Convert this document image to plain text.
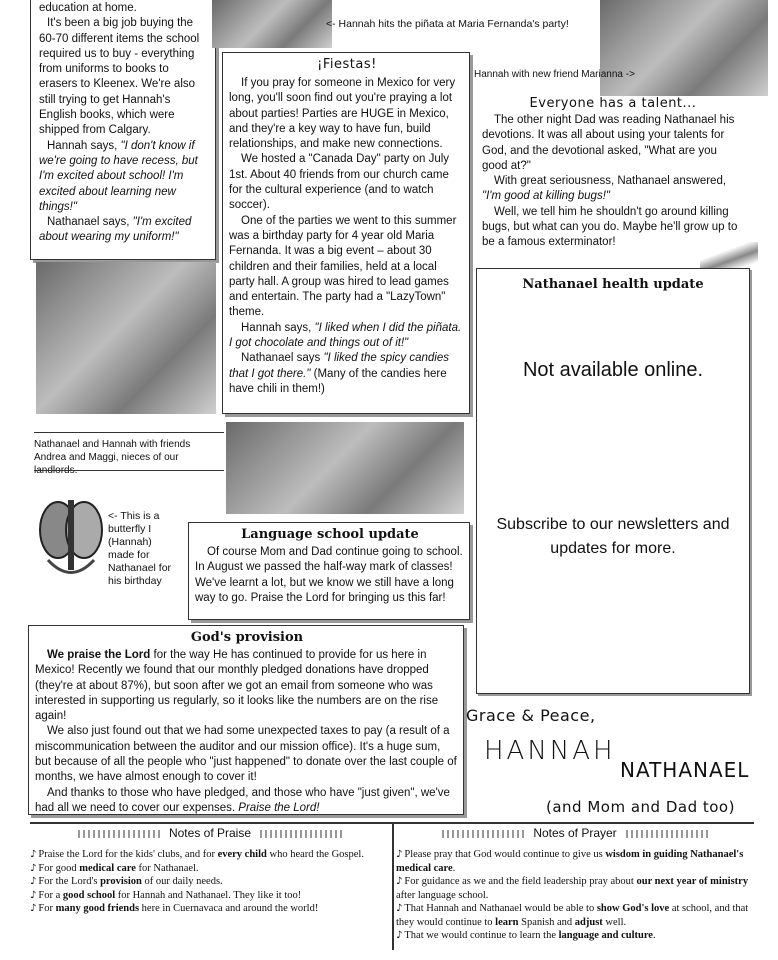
education at home.
It's been a big job buying the
60-70 different items the school
required us to buy - everything
from uniforms to books to
erasers to Kleenex. We're also
still trying to get Hannah's
English books, which were
shipped from Calgary.

Hannah says, "I don't know if we're going to have recess, but I'm excited about school! I'm excited about learning new things!"

Nathanael says, "I'm excited about wearing my uniform!"

<- Hannah hits the piñata at Maria Fernanda's party!
Hannah with new friend Marianna ->
¡Fiestas!

If you pray for someone in Mexico for very long, you'll soon find out you're praying a lot about parties! Parties are HUGE in Mexico, and they're a key way to have fun, build relationships, and make new connections.

We hosted a "Canada Day" party on July 1st. About 40 friends from our church came for the cultural experience (and to watch soccer).

One of the parties we went to this summer was a birthday party for 4 year old Maria Fernanda. It was a big event – about 30 children and their families, held at a local party hall. A group was hired to lead games and entertain. The party had a "LazyTown" theme.

Hannah says, "I liked when I did the piñata. I got chocolate and things out of it!"

Nathanael says "I liked the spicy candies that I got there." (Many of the candies here have chili in them!)

Everyone has a talent...

The other night Dad was reading Nathanael his devotions. It was all about using your talents for God, and the devotional asked, "What are you good at?"

With great seriousness, Nathanael answered, "I'm good at killing bugs!"

Well, we tell him he shouldn't go around killing bugs, but what can you do. Maybe he'll grow up to be a famous exterminator!

Nathanael health update
Not available online.
Subscribe to our newsletters and updates for more.
Nathanael and Hannah with friends Andrea and Maggi, nieces of our
<- This is a butterfly I (Hannah) made for Nathanael for his birthday
Language school update

Of course Mom and Dad continue going to school. In August we passed the half-way mark of classes! We've learnt a lot, but we know we still have a long way to go. Praise the Lord for bringing us this far!

God's provision

We praise the Lord for the way He has continued to provide for us here in Mexico! Recently we found that our monthly pledged donations have dropped (they're at about 87%), but soon after we got an email from someone who was interested in supporting us regularly, so it looks like the numbers are on the rise again!

We also just found out that we had some unexpected taxes to pay (a result of a miscommunication between the auditor and our mission office). It's a huge sum, but because of all the people who "just happened" to donate over the last couple of months, we have almost enough to cover it!

And thanks to those who have pledged, and those who have "just given", we've had all we need to cover our expenses. Praise the Lord!

Grace & Peace,
HANNAH
NATHANAEL
(and Mom and Dad too)
Notes of Praise
♪ Praise the Lord for the kids' clubs, and for every child who heard the Gospel.
♪ For good medical care for Nathanael.
♪ For the Lord's provision of our daily needs.
♪ For a good school for Hannah and Nathanael. They like it too!
♪ For many good friends here in Cuernavaca and around the world!
Notes of Prayer
♪ Please pray that God would continue to give us wisdom in guiding Nathanael's medical care.
♪ For guidance as we and the field leadership pray about our next year of ministry after language school.
♪ That Hannah and Nathanael would be able to show God's love at school, and that they would continue to learn Spanish and adjust well.
♪ That we would continue to learn the language and culture.
